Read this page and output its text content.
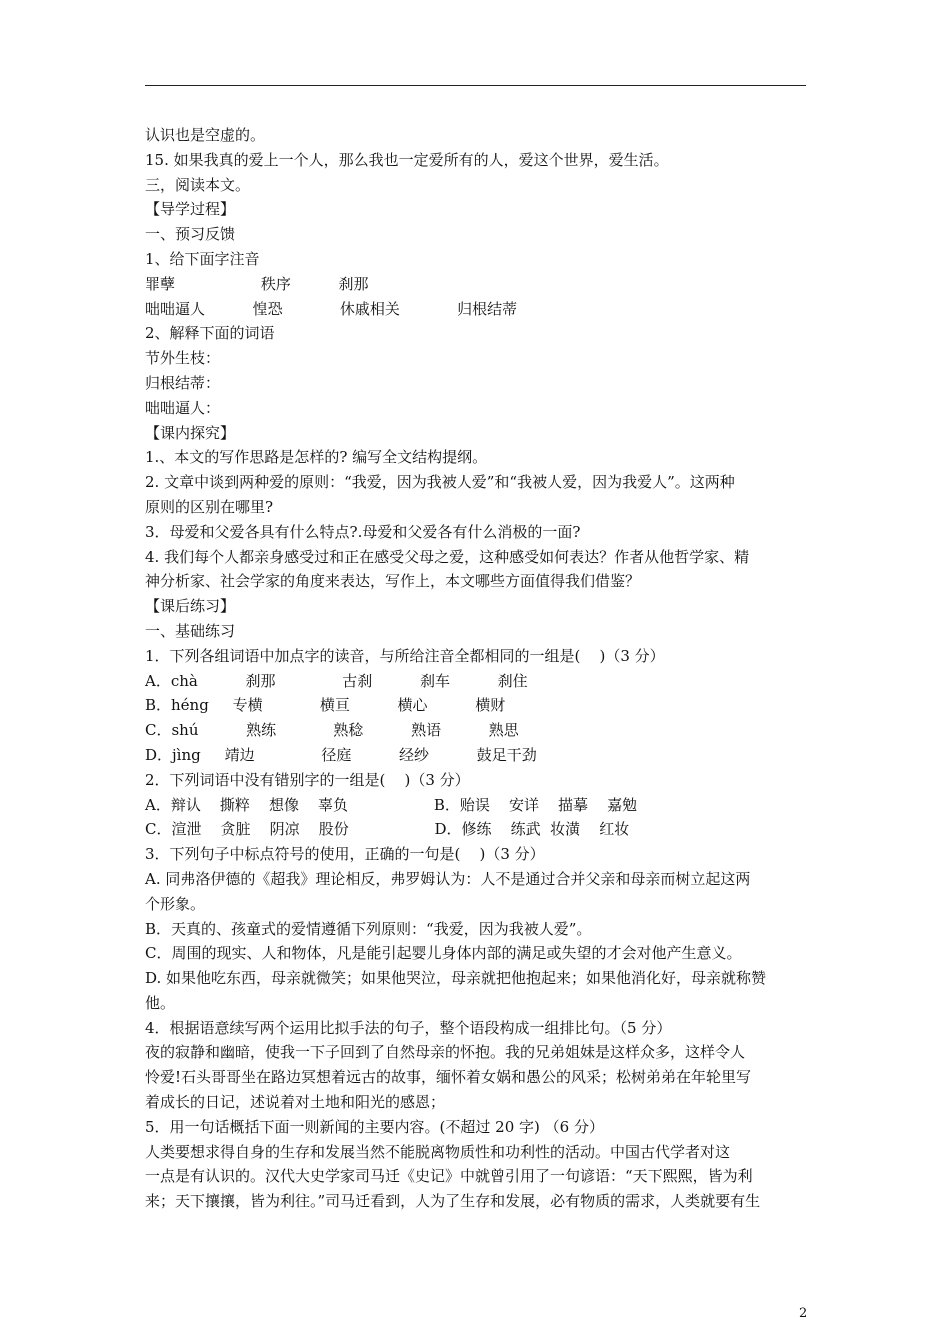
认识也是空虚的。
15. 如果我真的爱上一个人，那么我也一定爱所有的人，爱这个世界，爱生活。
三，阅读本文。
【导学过程】
一、预习反馈
1、给下面字注音
罪孽                  秩序          刹那
咄咄逼人          惶恐            休戚相关            归根结蒂
2、解释下面的词语
节外生枝：
归根结蒂：
咄咄逼人：
【课内探究】
1.、本文的写作思路是怎样的? 编写全文结构提纲。
2. 文章中谈到两种爱的原则：“我爱，因为我被人爱”和“我被人爱，因为我爱人”。这两种
原则的区别在哪里?
3．母爱和父爱各具有什么特点?.母爱和父爱各有什么消极的一面?
4. 我们每个人都亲身感受过和正在感受父母之爱，这种感受如何表达？作者从他哲学家、精
神分析家、社会学家的角度来表达，写作上，本文哪些方面值得我们借鉴？
【课后练习】
一、基础练习
1．下列各组词语中加点字的读音，与所给注音全都相同的一组是(    )（3 分）
A．chà          刹那              古刹          刹车          刹住
B．héng     专横            横亘          横心          横财
C．shú          熟练            熟稔          熟语          熟思
D．jìng     靖边              径庭          经纱          鼓足干劲
2．下列词语中没有错别字的一组是(    )（3 分）
A．辩认    撕粹    想像    辜负                  B．贻误    安详    描摹    嘉勉
C．渲泄    贪脏    阴凉    股份                  D．修练    练武  妆潢    红妆
3．下列句子中标点符号的使用，正确的一句是(    )（3 分）
A. 同弗洛伊德的《超我》理论相反，弗罗姆认为：人不是通过合并父亲和母亲而树立起这两
个形象。
B．天真的、孩童式的爱情遵循下列原则：“我爱，因为我被人爱”。
C．周围的现实、人和物体，凡是能引起婴儿身体内部的满足或失望的才会对他产生意义。
D. 如果他吃东西，母亲就微笑；如果他哭泣，母亲就把他抱起来；如果他消化好，母亲就称赞
他。
4．根据语意续写两个运用比拟手法的句子，整个语段构成一组排比句。（5 分）
夜的寂静和幽暗，使我一下子回到了自然母亲的怀抱。我的兄弟姐妹是这样众多，这样令人
怜爱!石头哥哥坐在路边冥想着远古的故事，缅怀着女娲和愚公的风采；松树弟弟在年轮里写
着成长的日记，述说着对土地和阳光的感恩；
5．用一句话概括下面一则新闻的主要内容。(不超过 20 字) （6 分）
人类要想求得自身的生存和发展当然不能脱离物质性和功利性的活动。中国古代学者对这
一点是有认识的。汉代大史学家司马迁《史记》中就曾引用了一句谚语：“天下熙熙，皆为利
来；天下攘攘，皆为利往。”司马迁看到，人为了生存和发展，必有物质的需求，人类就要有生
2
